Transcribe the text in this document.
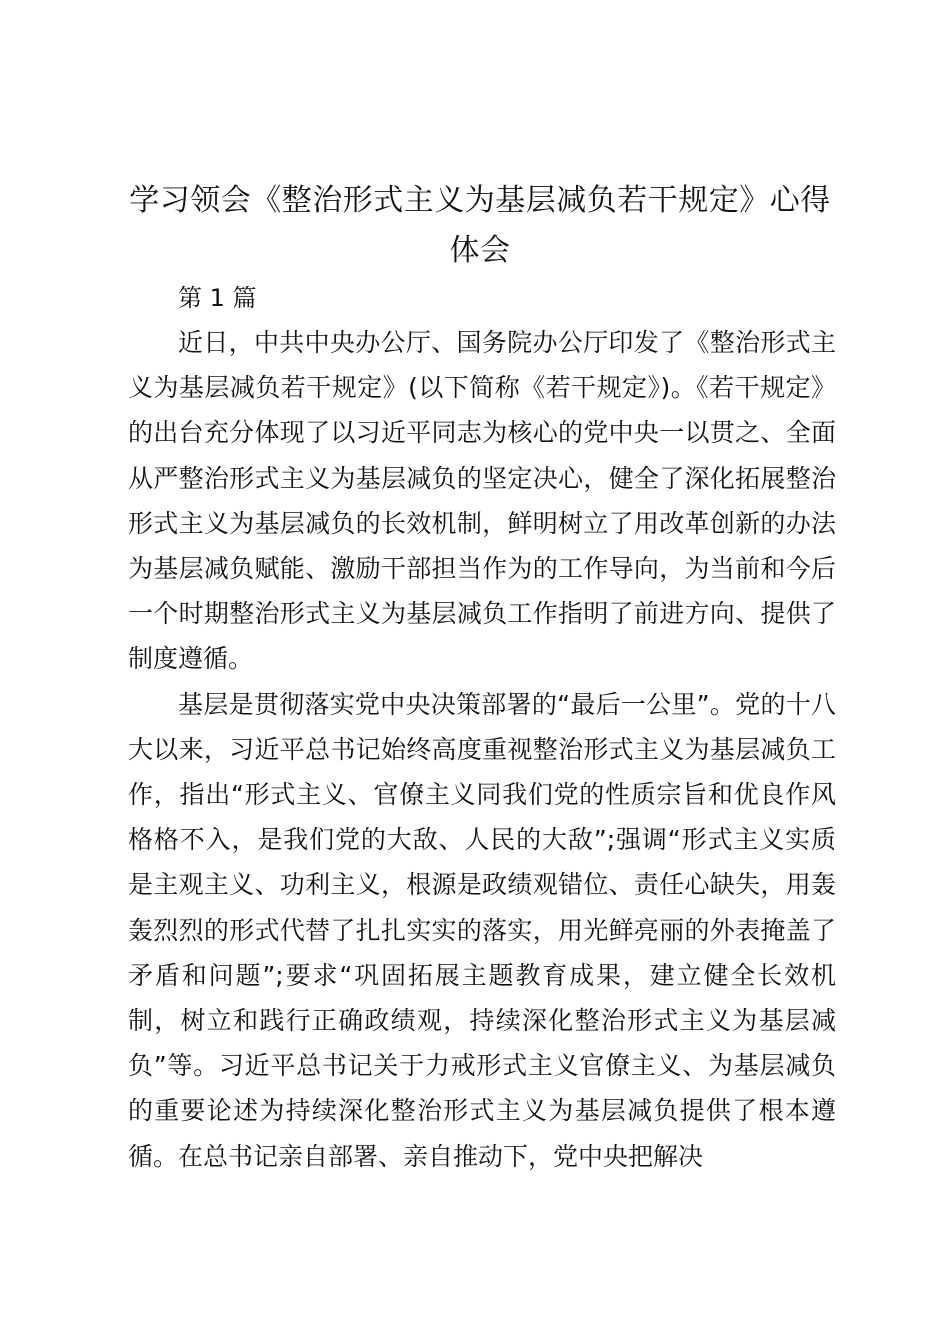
学习领会《整治形式主义为基层减负若干规定》心得体会
第 1 篇

近日，中共中央办公厅、国务院办公厅印发了《整治形式主义为基层减负若干规定》(以下简称《若干规定》)。《若干规定》的出台充分体现了以习近平同志为核心的党中央一以贯之、全面从严整治形式主义为基层减负的坚定决心，健全了深化拓展整治形式主义为基层减负的长效机制，鲜明树立了用改革创新的办法为基层减负赋能、激励干部担当作为的工作导向，为当前和今后一个时期整治形式主义为基层减负工作指明了前进方向、提供了制度遵循。

基层是贯彻落实党中央决策部署的“最后一公里”。党的十八大以来，习近平总书记始终高度重视整治形式主义为基层减负工作，指出“形式主义、官僚主义同我们党的性质宗旨和优良作风格格不入，是我们党的大敌、人民的大敌”;强调“形式主义实质是主观主义、功利主义，根源是政绩观错位、责任心缺失，用轰轰烈烈的形式代替了扎扎实实的落实，用光鲜亮丽的外表掩盖了矛盾和问题”;要求“巩固拓展主题教育成果，建立健全长效机制，树立和践行正确政绩观，持续深化整治形式主义为基层减负”等。习近平总书记关于力戒形式主义官僚主义、为基层减负的重要论述为持续深化整治形式主义为基层减负提供了根本遵循。在总书记亲自部署、亲自推动下，党中央把解决
